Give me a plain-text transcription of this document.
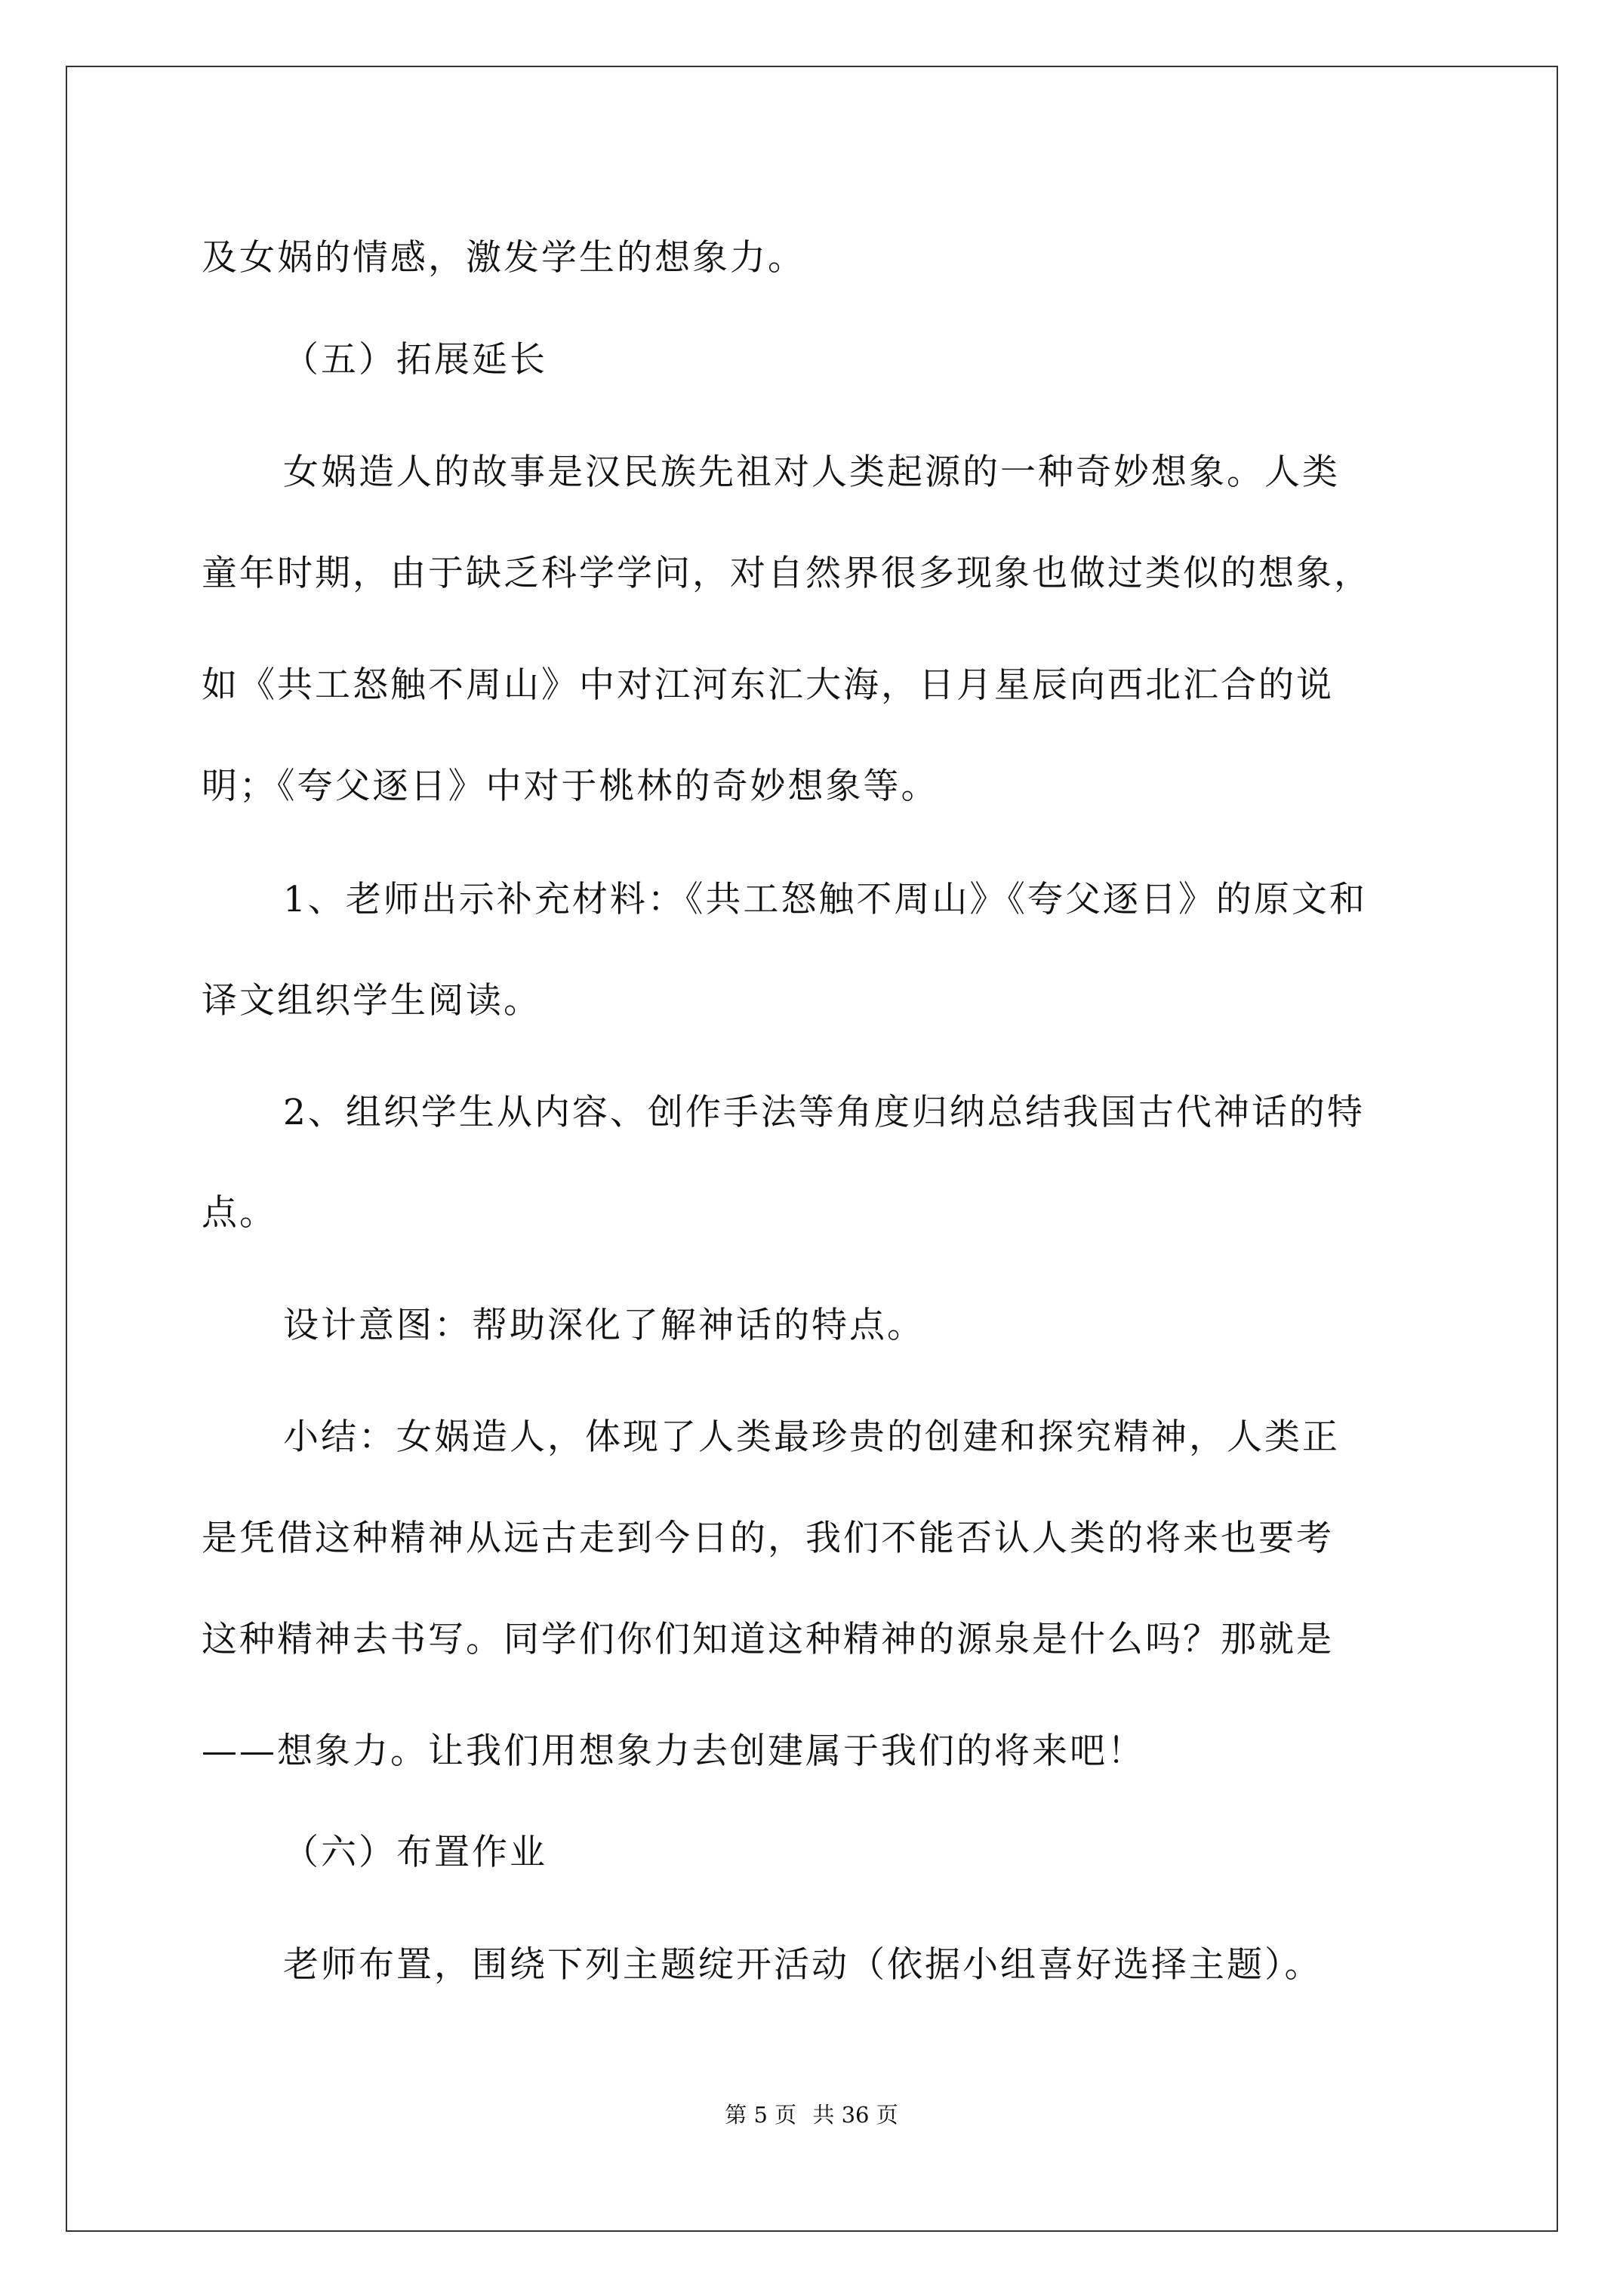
及女娲的情感，激发学生的想象力。
（五）拓展延长
女娲造人的故事是汉民族先祖对人类起源的一种奇妙想象。人类
童年时期，由于缺乏科学学问，对自然界很多现象也做过类似的想象，
如《共工怒触不周山》中对江河东汇大海，日月星辰向西北汇合的说
明；《夸父逐日》中对于桃林的奇妙想象等。
1、老师出示补充材料：《共工怒触不周山》《夸父逐日》的原文和
译文组织学生阅读。
2、组织学生从内容、创作手法等角度归纳总结我国古代神话的特
点。
设计意图：帮助深化了解神话的特点。
小结：女娲造人，体现了人类最珍贵的创建和探究精神，人类正
是凭借这种精神从远古走到今日的，我们不能否认人类的将来也要考
这种精神去书写。同学们你们知道这种精神的源泉是什么吗？那就是
——想象力。让我们用想象力去创建属于我们的将来吧！
（六）布置作业
老师布置，围绕下列主题绽开活动（依据小组喜好选择主题）。
第 5 页 共 36 页
